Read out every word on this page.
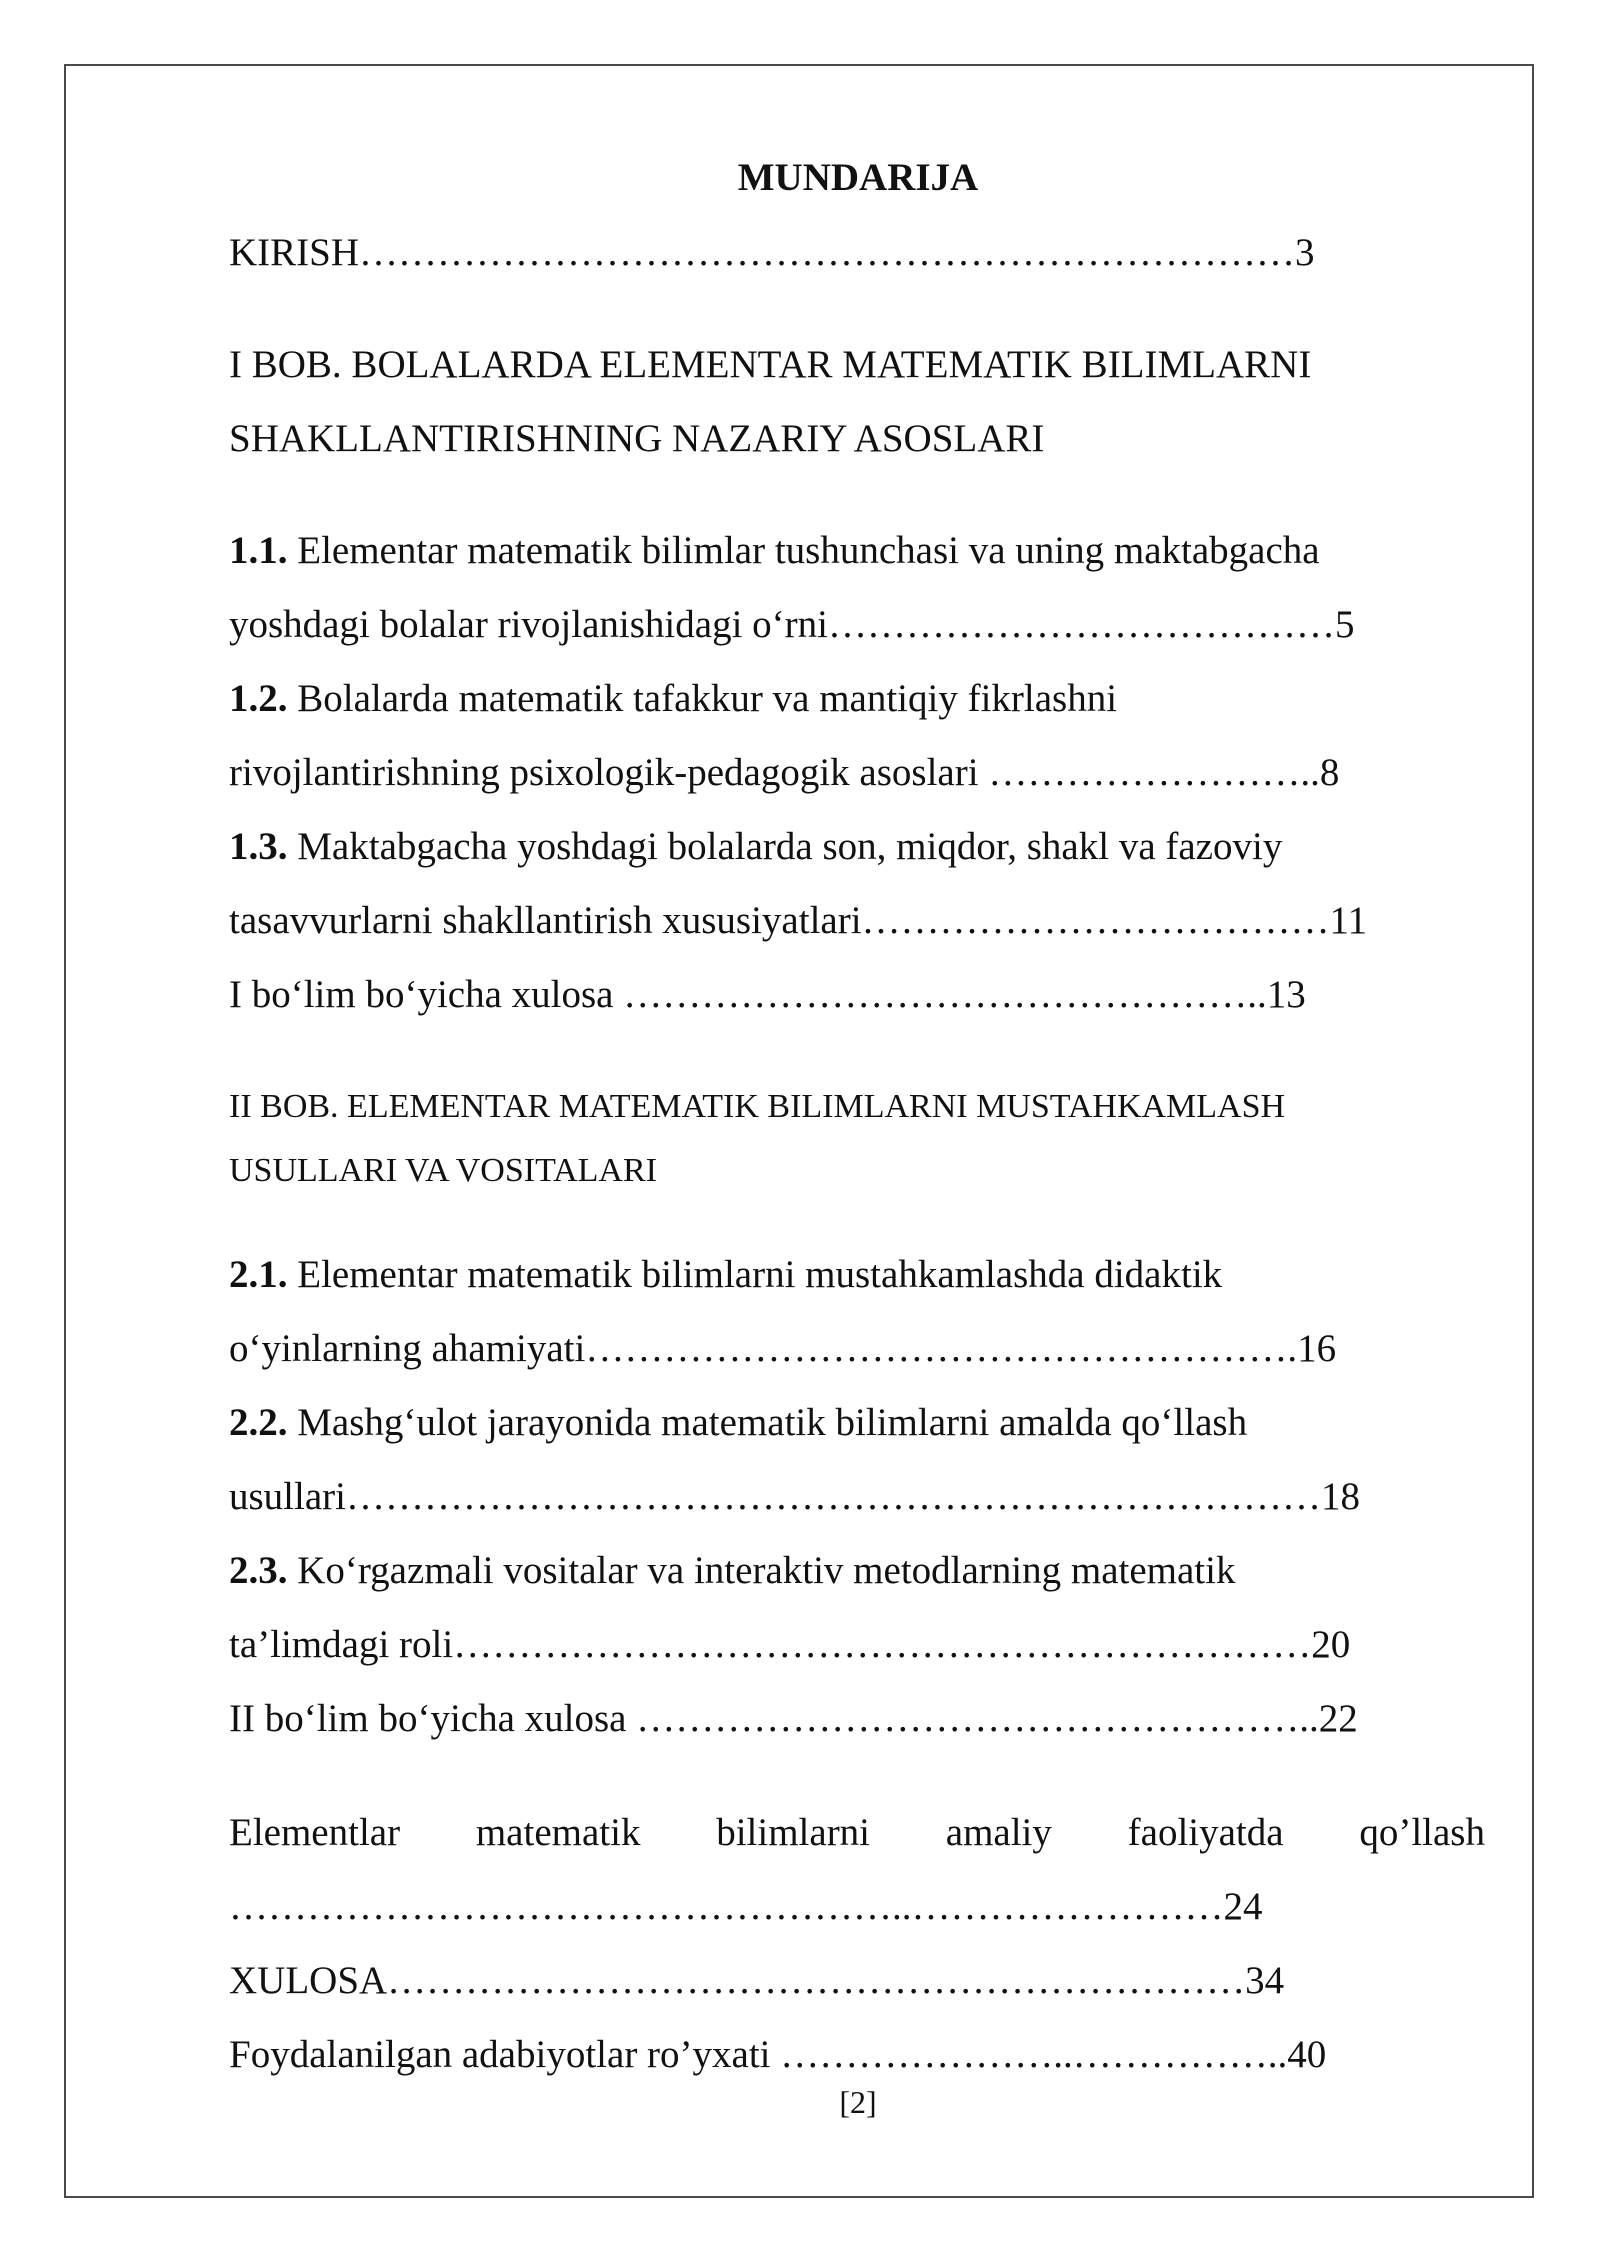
MUNDARIJA
KIRISH………………………………………………………………3
I BOB. BOLALARDA ELEMENTAR MATEMATIK BILIMLARNI
SHAKLLANTIRISHNING NAZARIY ASOSLARI
1.1. Elementar matematik bilimlar tushunchasi va uning maktabgacha
yoshdagi bolalar rivojlanishidagi o‘rni…………………………………5
1.2. Bolalarda matematik tafakkur va mantiqiy fikrlashni
rivojlantirishning psixologik-pedagogik asoslari ……………………..8
1.3. Maktabgacha yoshdagi bolalarda son, miqdor, shakl va fazoviy
tasavvurlarni shakllantirish xususiyatlari………………………………11
I bo‘lim bo‘yicha xulosa …………………………………………..13
II BOB. ELEMENTAR MATEMATIK BILIMLARNI MUSTAHKAMLASH
USULLARI VA VOSITALARI
2.1. Elementar matematik bilimlarni mustahkamlashda didaktik
o‘yinlarning ahamiyati……………………………………………….16
2.2. Mashg‘ulot jarayonida matematik bilimlarni amalda qo‘llash
usullari…………………………………………………………………18
2.3. Ko‘rgazmali vositalar va interaktiv metodlarning matematik
ta’limdagi roli…………………………………………………………20
II bo‘lim bo‘yicha xulosa ……………………………………………..22
Elementlar matematik bilimlarni amaliy faoliyatda qo’llash
……………………………………………..……………………24
XULOSA…………………………………………………………34
Foydalanilgan adabiyotlar ro’yxati …………………..……………..40
[2]
